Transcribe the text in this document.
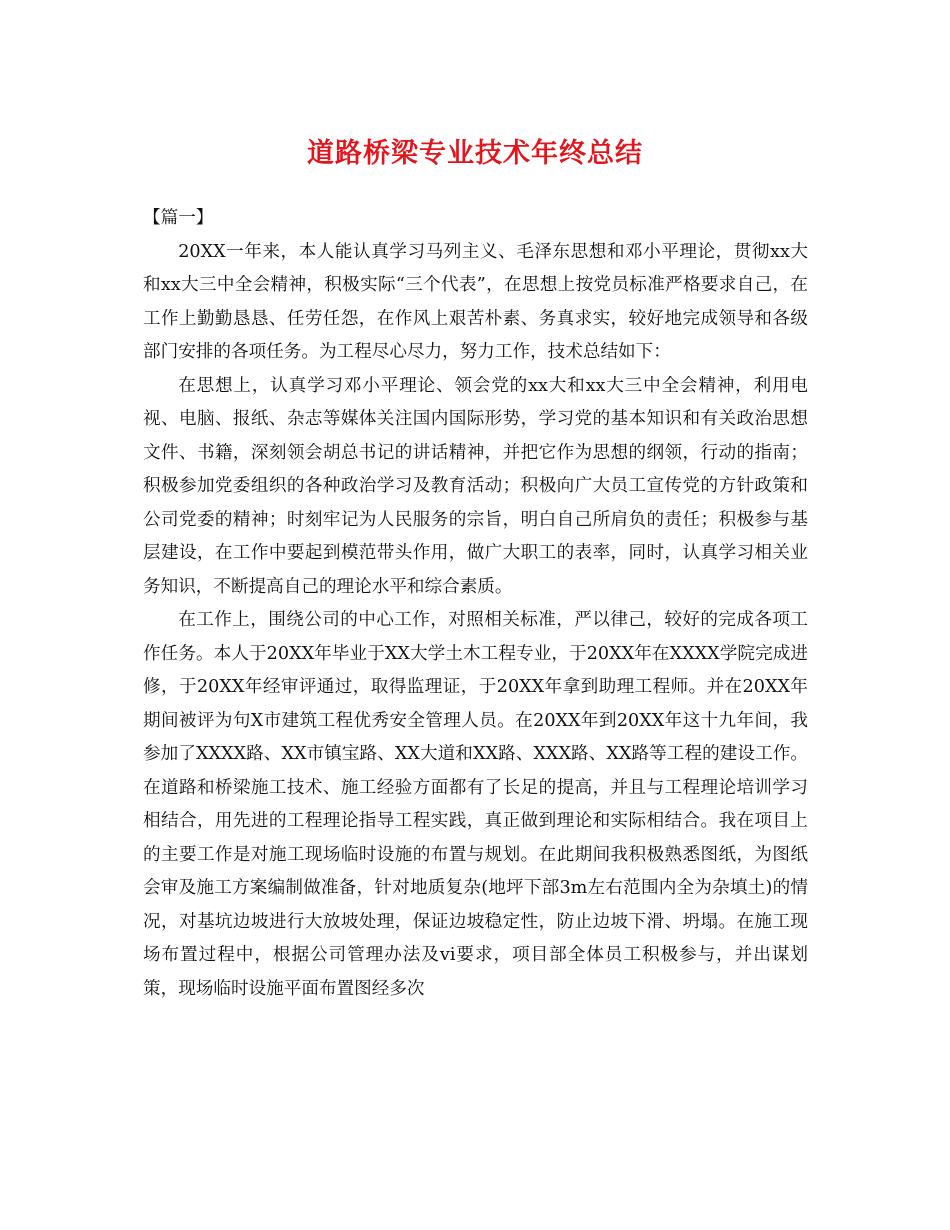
道路桥梁专业技术年终总结

【篇一】

20XX一年来，本人能认真学习马列主义、毛泽东思想和邓小平理论，贯彻xx大和xx大三中全会精神，积极实际“三个代表”，在思想上按党员标准严格要求自己，在工作上勤勤恳恳、任劳任怨，在作风上艰苦朴素、务真求实，较好地完成领导和各级部门安排的各项任务。为工程尽心尽力，努力工作，技术总结如下：

在思想上，认真学习邓小平理论、领会党的xx大和xx大三中全会精神，利用电视、电脑、报纸、杂志等媒体关注国内国际形势，学习党的基本知识和有关政治思想文件、书籍，深刻领会胡总书记的讲话精神，并把它作为思想的纲领，行动的指南；积极参加党委组织的各种政治学习及教育活动；积极向广大员工宣传党的方针政策和公司党委的精神；时刻牢记为人民服务的宗旨，明白自己所肩负的责任；积极参与基层建设，在工作中要起到模范带头作用，做广大职工的表率，同时，认真学习相关业务知识，不断提高自己的理论水平和综合素质。

在工作上，围绕公司的中心工作，对照相关标准，严以律己，较好的完成各项工作任务。本人于20XX年毕业于XX大学土木工程专业，于20XX年在XXXX学院完成进修，于20XX年经审评通过，取得监理证，于20XX年拿到助理工程师。并在20XX年期间被评为句X市建筑工程优秀安全管理人员。在20XX年到20XX年这十九年间，我参加了XXXX路、XX市镇宝路、XX大道和XX路、XXX路、XX路等工程的建设工作。在道路和桥梁施工技术、施工经验方面都有了长足的提高，并且与工程理论培训学习相结合，用先进的工程理论指导工程实践，真正做到理论和实际相结合。我在项目上的主要工作是对施工现场临时设施的布置与规划。在此期间我积极熟悉图纸，为图纸会审及施工方案编制做准备，针对地质复杂(地坪下部3m左右范围内全为杂填土)的情况，对基坑边坡进行大放坡处理，保证边坡稳定性，防止边坡下滑、坍塌。在施工现场布置过程中，根据公司管理办法及vi要求，项目部全体员工积极参与，并出谋划策，现场临时设施平面布置图经多次
